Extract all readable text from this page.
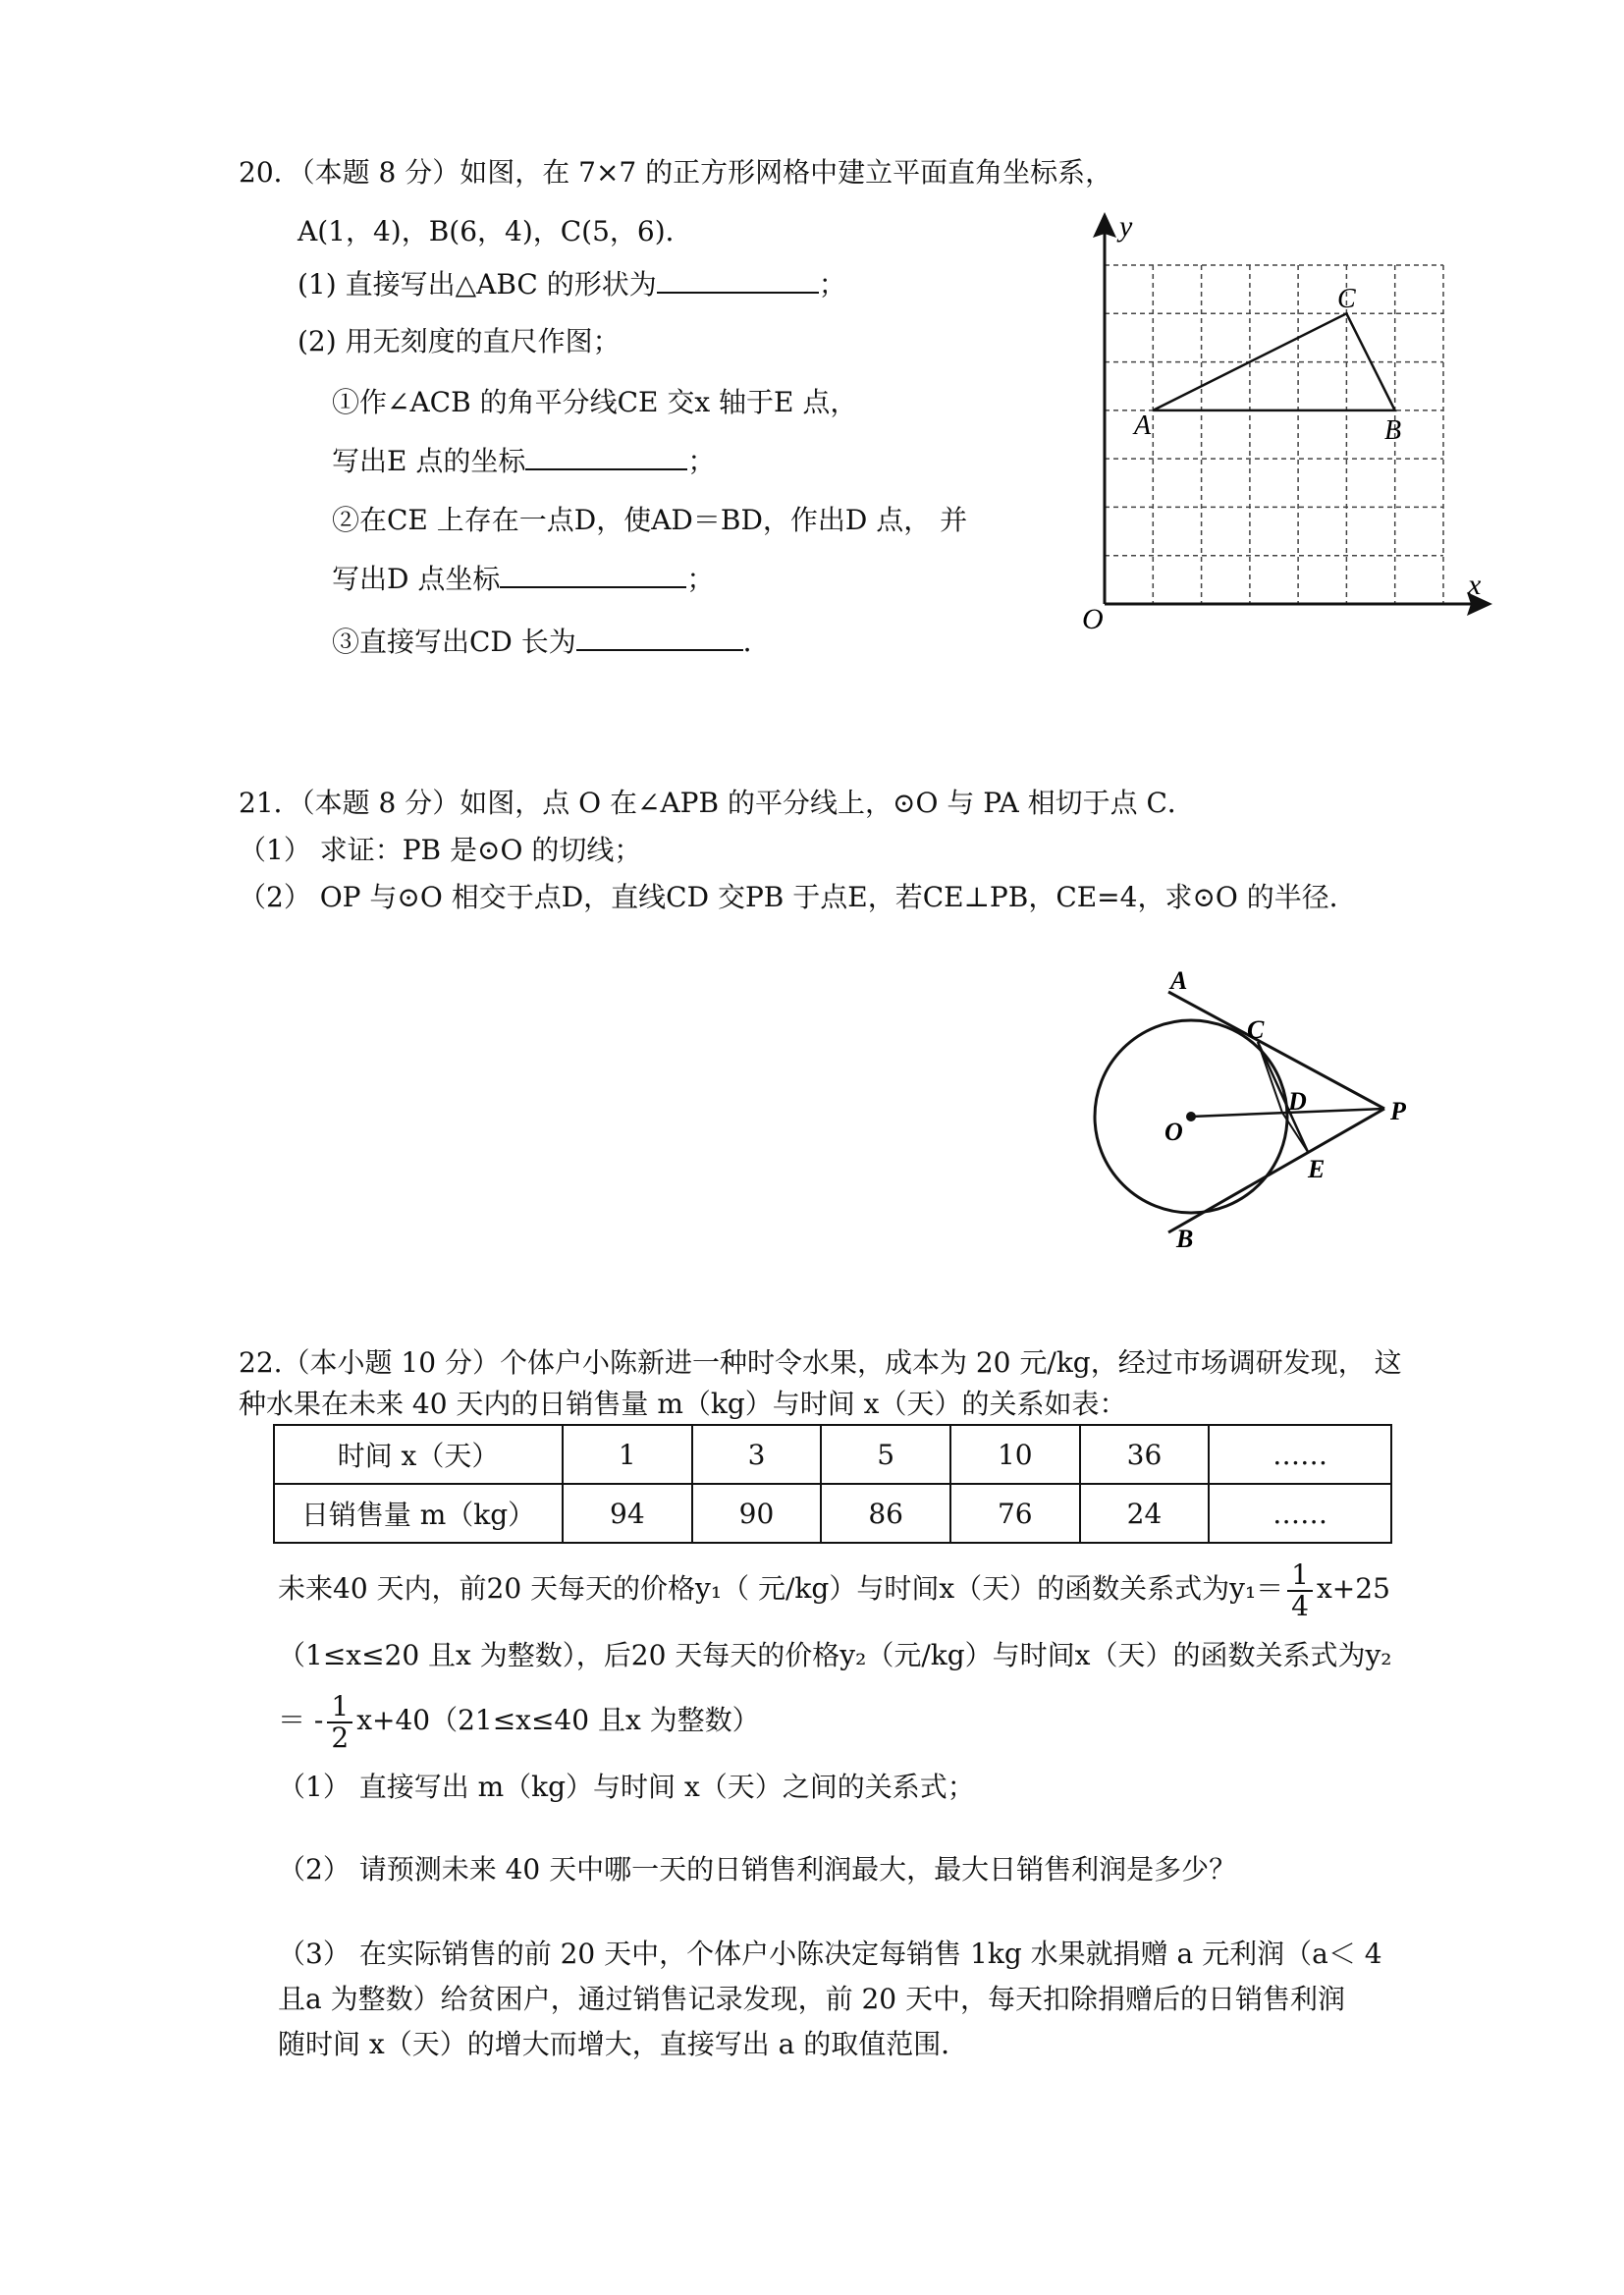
20．（本题 8 分）如图，在 7×7 的正方形网格中建立平面直角坐标系，
A(1，4)，B(6，4)，C(5，6)．
(1) 直接写出△ABC 的形状为	；
(2) 用无刻度的直尺作图；
①作∠ACB 的角平分线CE 交x 轴于E 点，
写出E 点的坐标	；
②在CE 上存在一点D，使AD＝BD，作出D 点， 并
写出D 点坐标	；
③直接写出CD 长为	．
x
y
O
A	B
C
21．（本题 8 分）如图，点 O 在∠APB 的平分线上，⊙O 与 PA 相切于点 C．
（1） 求证：PB 是⊙O 的切线；
（2） OP 与⊙O 相交于点D，直线CD 交PB 于点E，若CE⊥PB，CE=4，求⊙O 的半径．
A
B
C
D
E
O
P
22.（本小题 10 分）个体户小陈新进一种时令水果，成本为 20 元/kg，经过市场调研发现， 这
种水果在未来 40 天内的日销售量 m（kg）与时间 x（天）的关系如表：
时间 x（天）	1	3	5	10	36	……
日销售量 m（kg）	94	90	86	76	24	……
未来40 天内，前20 天每天的价格y₁（ 元/kg）与时间x（天）的函数关系式为$y_1= \frac{1}{4} x+25$
（1≤x≤20 且x 为整数），后20 天每天的价格y₂（元/kg）与时间x（天）的函数关系式为y₂
＝ - $\frac{1}{2} x+40(21\le x\le 40$ 且x 为整数）
（1） 直接写出 m（kg）与时间 x（天）之间的关系式；
（2） 请预测未来 40 天中哪一天的日销售利润最大，最大日销售利润是多少？
（3） 在实际销售的前 20 天中，个体户小陈决定每销售 1kg 水果就捐赠 a 元利润（a＜ 4
且a 为整数）给贫困户，通过销售记录发现，前 20 天中，每天扣除捐赠后的日销售利润
随时间 x（天）的增大而增大，直接写出 a 的取值范围．
